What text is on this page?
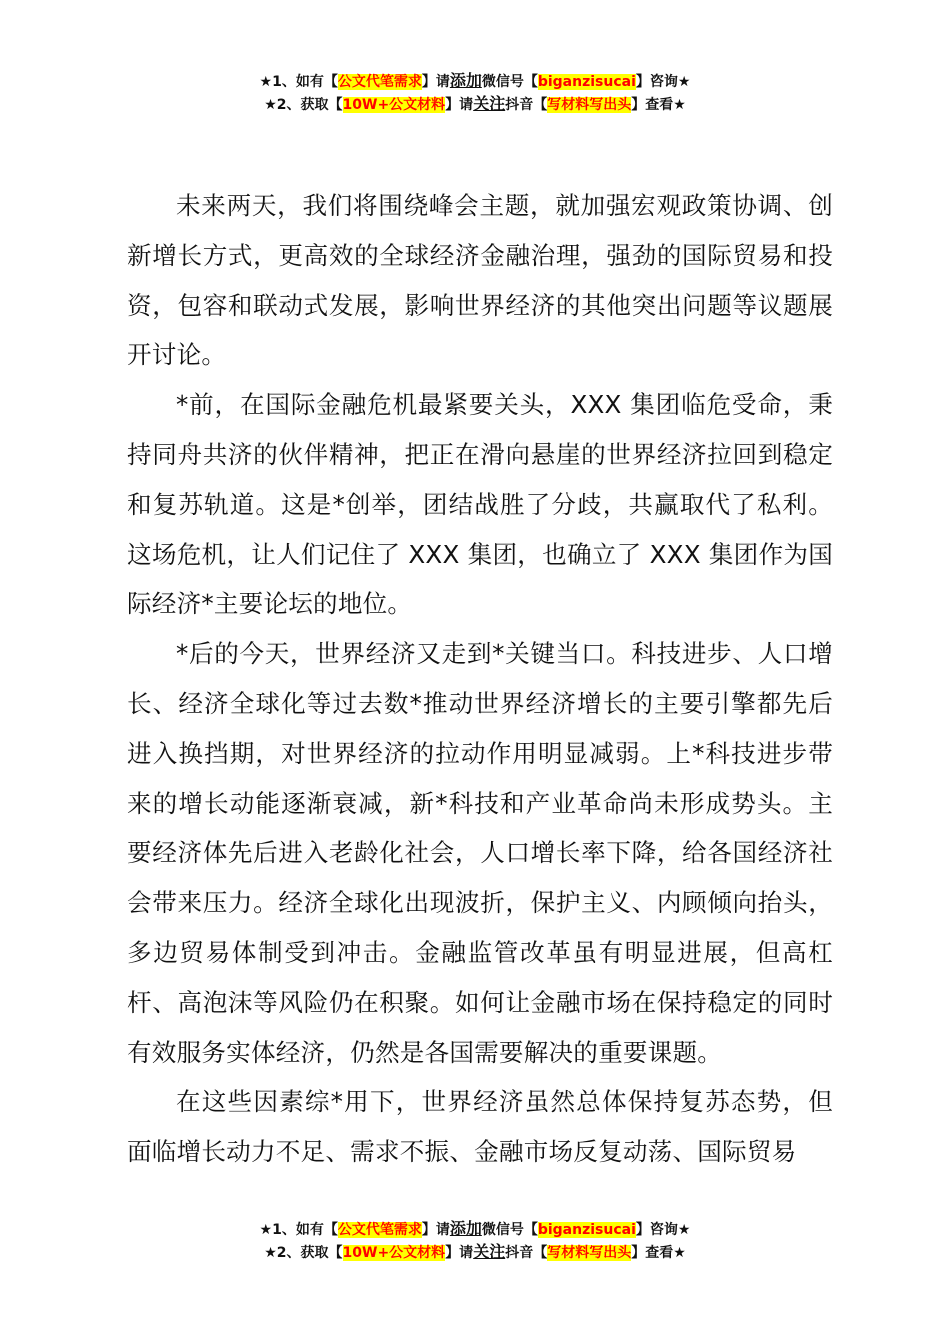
★1、如有【公文代笔需求】请添加微信号【biganzisucai】咨询★
★2、获取【10W+公文材料】请关注抖音【写材料写出头】查看★

未来两天，我们将围绕峰会主题，就加强宏观政策协调、创新增长方式，更高效的全球经济金融治理，强劲的国际贸易和投资，包容和联动式发展，影响世界经济的其他突出问题等议题展开讨论。

*前，在国际金融危机最紧要关头，XXX 集团临危受命，秉持同舟共济的伙伴精神，把正在滑向悬崖的世界经济拉回到稳定和复苏轨道。这是*创举，团结战胜了分歧，共赢取代了私利。这场危机，让人们记住了 XXX 集团，也确立了 XXX 集团作为国际经济*主要论坛的地位。

*后的今天，世界经济又走到*关键当口。科技进步、人口增长、经济全球化等过去数*推动世界经济增长的主要引擎都先后进入换挡期，对世界经济的拉动作用明显减弱。上*科技进步带来的增长动能逐渐衰减，新*科技和产业革命尚未形成势头。主要经济体先后进入老龄化社会，人口增长率下降，给各国经济社会带来压力。经济全球化出现波折，保护主义、内顾倾向抬头，多边贸易体制受到冲击。金融监管改革虽有明显进展，但高杠杆、高泡沫等风险仍在积聚。如何让金融市场在保持稳定的同时有效服务实体经济，仍然是各国需要解决的重要课题。

在这些因素综*用下，世界经济虽然总体保持复苏态势，但面临增长动力不足、需求不振、金融市场反复动荡、国际贸易

★1、如有【公文代笔需求】请添加微信号【biganzisucai】咨询★
★2、获取【10W+公文材料】请关注抖音【写材料写出头】查看★
